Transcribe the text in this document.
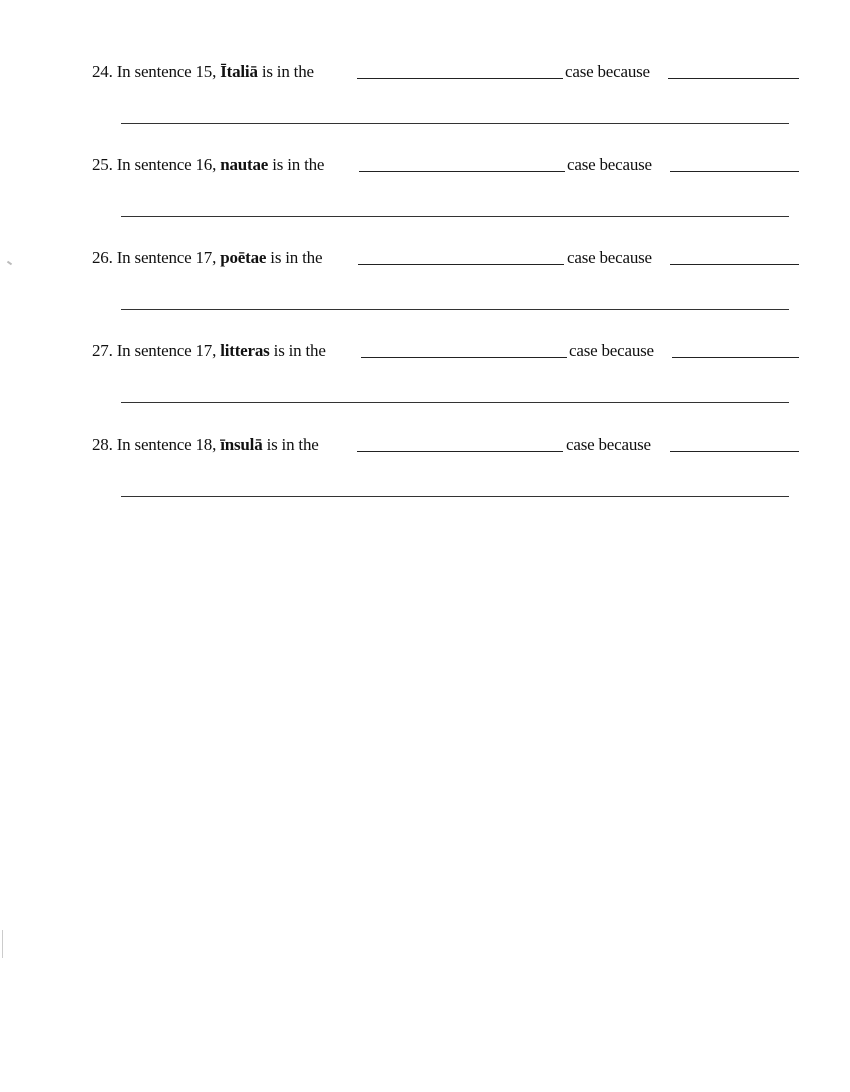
24. In sentence 15, Ītaliā is in the	case because
25. In sentence 16, nautae is in the	case because
26. In sentence 17, poētae is in the	case because
27. In sentence 17, litteras is in the	case because
28. In sentence 18, īnsulā is in the	case because
